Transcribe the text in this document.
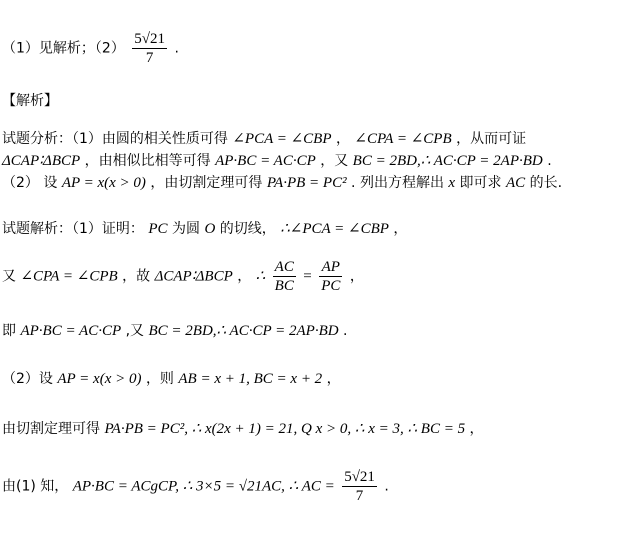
（1）见解析；$(2) \frac{5√21}{7}$ .
【解析】
试题分析：（1）由圆的相关性质可得 ∠PCA = ∠CBP ， ∠CPA = ∠CPB ，从而可证
ΔCAP∶ΔBCP ，由相似比相等可得 AP·BC = AC·CP ，又 BC = 2BD,∴ AC·CP = 2AP·BD .
（2） 设 AP = x(x > 0) ，由切割定理可得 PA·PB = PC² . 列出方程解出 x 即可求 AC 的长.
试题解析：（1）证明： PC 为圆 O 的切线， ∴∠PCA = ∠CBP ，
又 ∠CPA = ∠CPB ，故 ΔCAP∶ΔBCP ， ∴ $\frac{AC}{BC} = \frac{AP}{PC}$ ，
即 AP·BC = AC·CP ,又 BC = 2BD,∴ AC·CP = 2AP·BD .
（2）设 AP = x(x > 0) ，则 AB = x + 1, BC = x + 2 ，
由切割定理可得 PA·PB = PC², ∴ x(2x + 1) = 21, Q x > 0, ∴ x = 3, ∴ BC = 5 ，
由(1) 知， AP·BC = ACgCP, ∴ 3×5 = √21AC, ∴ AC = $\frac{5√21}{7}$ .
